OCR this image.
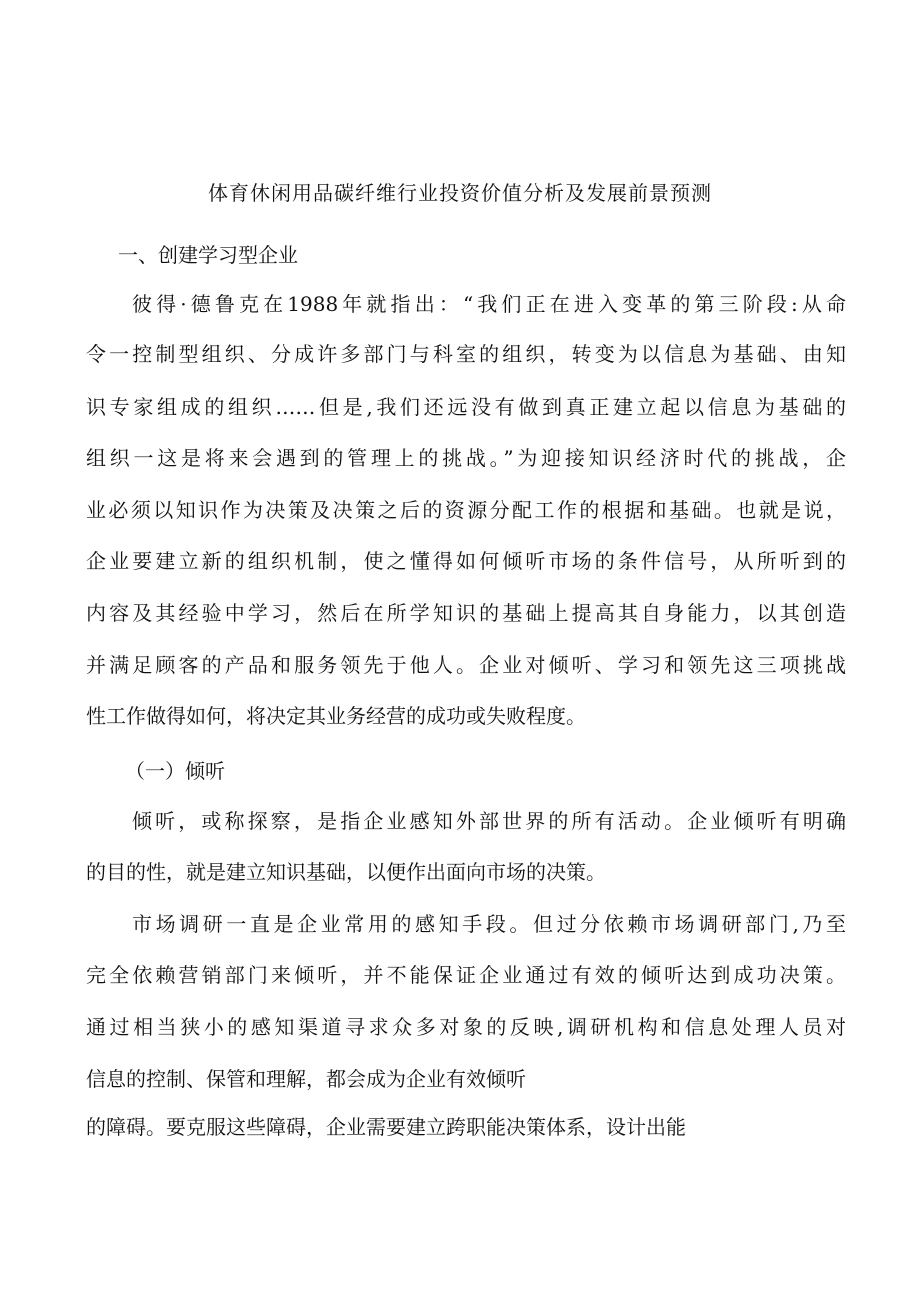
体育休闲用品碳纤维行业投资价值分析及发展前景预测
一、创建学习型企业
彼得·德鲁克在1988年就指出：“我们正在进入变革的第三阶段:从命
令一控制型组织、分成许多部门与科室的组织，转变为以信息为基础、由知
识专家组成的组织……但是,我们还远没有做到真正建立起以信息为基础的
组织一这是将来会遇到的管理上的挑战。”为迎接知识经济时代的挑战，企
业必须以知识作为决策及决策之后的资源分配工作的根据和基础。也就是说，
企业要建立新的组织机制，使之懂得如何倾听市场的条件信号，从所听到的
内容及其经验中学习，然后在所学知识的基础上提高其自身能力，以其创造
并满足顾客的产品和服务领先于他人。企业对倾听、学习和领先这三项挑战
性工作做得如何，将决定其业务经营的成功或失败程度。
（一）倾听
倾听，或称探察，是指企业感知外部世界的所有活动。企业倾听有明确
的目的性，就是建立知识基础，以便作出面向市场的决策。
市场调研一直是企业常用的感知手段。但过分依赖市场调研部门,乃至
完全依赖营销部门来倾听，并不能保证企业通过有效的倾听达到成功决策。
通过相当狭小的感知渠道寻求众多对象的反映,调研机构和信息处理人员对
信息的控制、保管和理解，都会成为企业有效倾听
的障碍。要克服这些障碍，企业需要建立跨职能决策体系，设计出能
